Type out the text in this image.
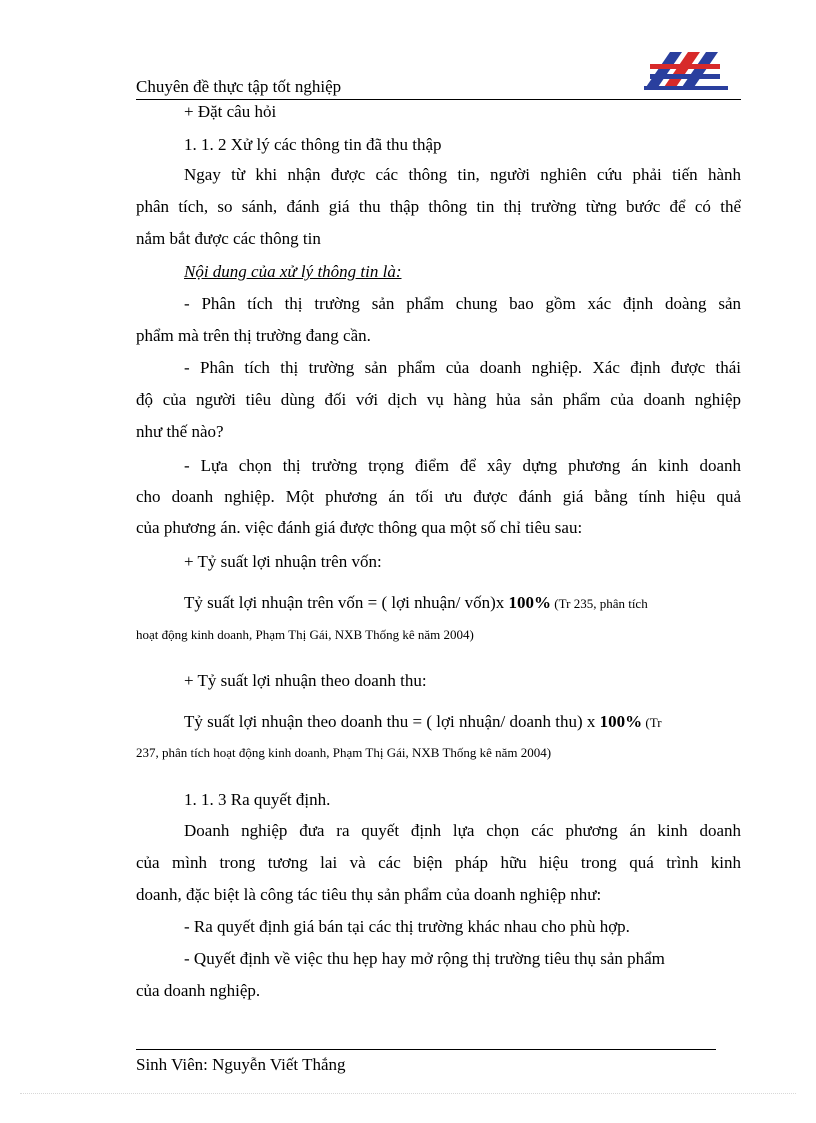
Chuyên đề thực tập tốt nghiệp
+ Đặt câu hỏi
1. 1. 2 Xử lý các thông tin đã thu thập
Ngay từ khi nhận được các thông tin, người nghiên cứu phải tiến hành
phân tích, so sánh, đánh giá thu thập thông tin thị trường từng bước để có thể
nắm bắt được các thông tin
Nội dung của xử lý thông tin là:
- Phân tích thị trường sản phẩm chung bao gồm xác định doàng sản
phẩm mà trên thị trường đang cần.
- Phân tích thị trường sản phẩm của doanh nghiệp. Xác định được thái
độ của người tiêu dùng đối với dịch vụ hàng hủa sản phẩm của doanh nghiệp
như thế nào?
- Lựa chọn thị trường trọng điểm để xây dựng phương án kinh doanh
cho doanh nghiệp. Một phương án tối ưu được đánh giá bằng tính hiệu quả
của phương án. việc đánh giá được thông qua một số chỉ tiêu sau:
+ Tỷ suất lợi nhuận trên vốn:
Tỷ suất lợi nhuận trên vốn = ( lợi nhuận/ vốn)x 100% (Tr 235, phân tích
hoạt động kinh doanh, Phạm Thị Gái, NXB Thống kê năm 2004)
+ Tỷ suất lợi nhuận theo doanh thu:
Tỷ suất lợi nhuận theo doanh thu = ( lợi nhuận/ doanh thu) x 100% (Tr
237, phân tích hoạt động kinh doanh, Phạm Thị Gái, NXB Thống kê năm 2004)
1. 1. 3 Ra quyết định.
Doanh nghiệp đưa ra quyết định lựa chọn các phương án kinh doanh
của mình trong tương lai và các biện pháp hữu hiệu trong quá trình kinh
doanh, đặc biệt là công tác tiêu thụ sản phẩm của doanh nghiệp như:
- Ra quyết định giá bán tại các thị trường khác nhau cho phù hợp.
- Quyết định về việc thu hẹp hay mở rộng thị trường tiêu thụ sản phẩm
của doanh nghiệp.
Sinh Viên: Nguyễn Viết Thắng
